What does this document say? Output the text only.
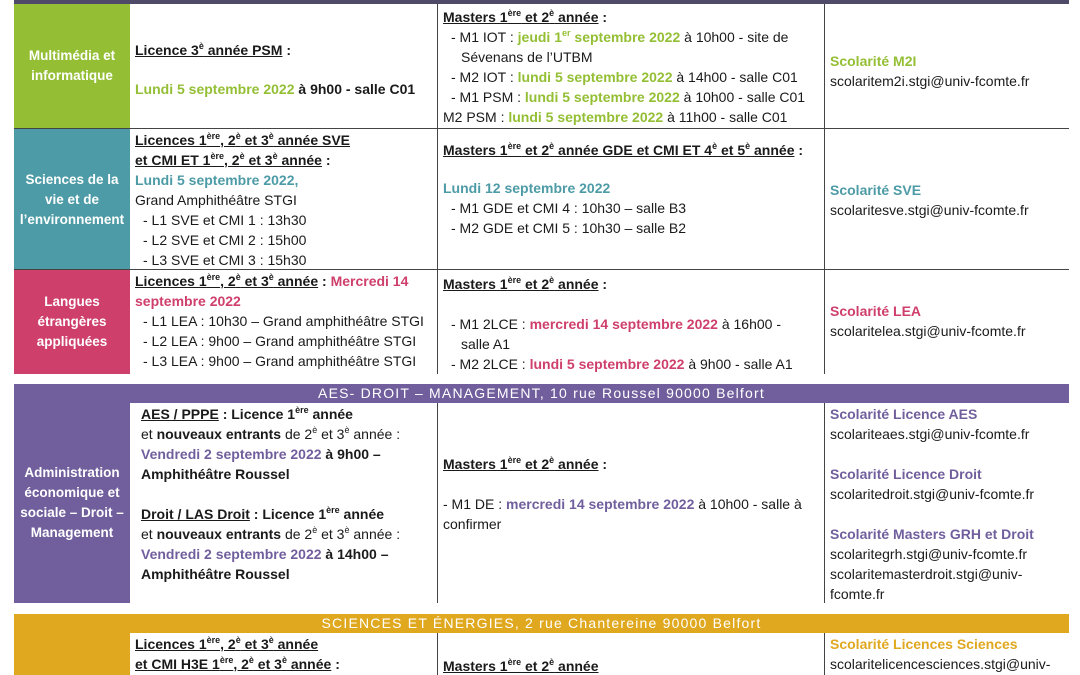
Multimédia et informatique
Licence $3^è$ année PSM :
Lundi 5 septembre 2022 à 9h00 - salle C01
Masters 1ère et $2^è$ année :
- M1 IOT : jeudi 1er septembre 2022 à 10h00 - site de
Sévenans de l’UTBM
- M2 IOT : lundi 5 septembre 2022 à 14h00 - salle C01
- M1 PSM : lundi 5 septembre 2022 à 10h00 - salle C01
M2 PSM : lundi 5 septembre 2022 à 11h00 - salle C01
Scolarité M2I
scolaritem2i.stgi@univ-fcomte.fr
Sciences de la vie et de l’environnement
Licences 1ère, $2^è$ et $3^è$ année SVE
et CMI ET 1ère, $2^è$ et $3^è$ année :
Lundi 5 septembre 2022,
Grand Amphithéâtre STGI
- L1 SVE et CMI 1 : 13h30
- L2 SVE et CMI 2 : 15h00
- L3 SVE et CMI 3 : 15h30
Masters 1ère et $2^è$ année GDE et CMI ET $4^è$ et $5^è$ année :
Lundi 12 septembre 2022
- M1 GDE et CMI 4 : 10h30 – salle B3
- M2 GDE et CMI 5 : 10h30 – salle B2
Scolarité SVE
scolaritesve.stgi@univ-fcomte.fr
Langues étrangères appliquées
Licences 1ère, $2^è$ et $3^è$ année : Mercredi 14
septembre 2022
- L1 LEA : 10h30 – Grand amphithéâtre STGI
- L2 LEA : 9h00 – Grand amphithéâtre STGI
- L3 LEA : 9h00 – Grand amphithéâtre STGI
Masters 1ère et $2^è$ année :
- M1 2LCE : mercredi 14 septembre 2022 à 16h00 -
salle A1
- M2 2LCE : lundi 5 septembre 2022 à 9h00 - salle A1
Scolarité LEA
scolaritelea.stgi@univ-fcomte.fr
AES- DROIT – MANAGEMENT, 10 rue Roussel 90000 Belfort
Administration économique et sociale – Droit – Management
AES / PPPE : Licence 1ère année
et nouveaux entrants de $2^è$ et $3^è$ année :
Vendredi 2 septembre 2022 à 9h00 –
Amphithéâtre Roussel
Droit / LAS Droit : Licence 1ère année
et nouveaux entrants de $2^è$ et $3^è$ année :
Vendredi 2 septembre 2022 à 14h00 –
Amphithéâtre Roussel
Masters 1ère et $2^è$ année :
- M1 DE : mercredi 14 septembre 2022 à 10h00 - salle à
confirmer
Scolarité Licence AES
scolariteaes.stgi@univ-fcomte.fr
Scolarité Licence Droit
scolaritedroit.stgi@univ-fcomte.fr
Scolarité Masters GRH et Droit
scolaritegrh.stgi@univ-fcomte.fr
scolaritemasterdroit.stgi@univ-
fcomte.fr
SCIENCES ET ÉNERGIES, 2 rue Chantereine 90000 Belfort
Licences 1ère, $2^è$ et $3^è$ année
et CMI H3E 1ère, $2^è$ et $3^è$ année :	Masters 1ère et $2^è$ année
Scolarité Licences Sciences
scolaritelicencesciences.stgi@univ-
